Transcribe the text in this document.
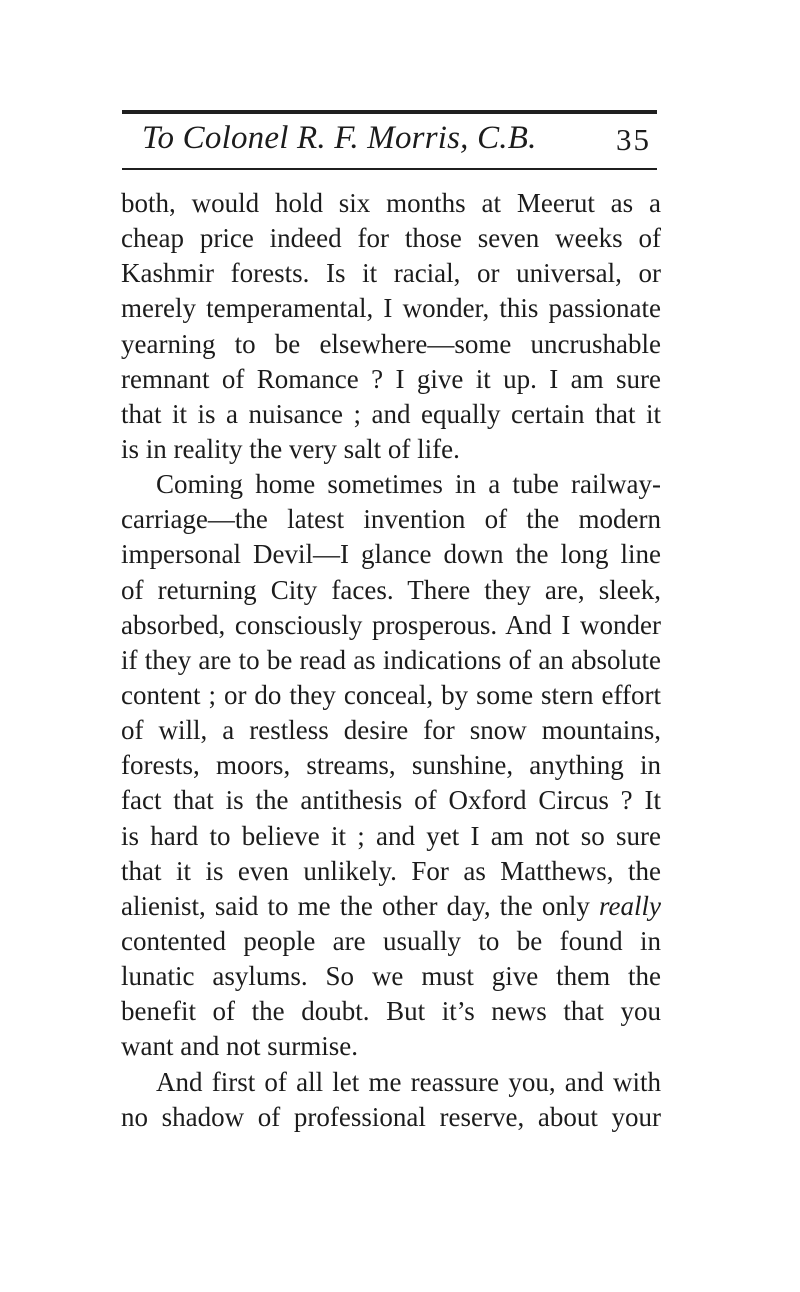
To Colonel R. F. Morris, C.B.	35
both, would hold six months at Meerut as a
cheap price indeed for those seven weeks of
Kashmir forests. Is it racial, or universal, or
merely temperamental, I wonder, this passionate
yearning to be elsewhere—some uncrushable
remnant of Romance ? I give it up. I am sure
that it is a nuisance ; and equally certain that it
is in reality the very salt of life.
Coming home sometimes in a tube railway-
carriage—the latest invention of the modern
impersonal Devil—I glance down the long line
of returning City faces. There they are, sleek,
absorbed, consciously prosperous. And I wonder
if they are to be read as indications of an absolute
content ; or do they conceal, by some stern effort
of will, a restless desire for snow mountains,
forests, moors, streams, sunshine, anything in
fact that is the antithesis of Oxford Circus ? It
is hard to believe it ; and yet I am not so sure
that it is even unlikely. For as Matthews, the
alienist, said to me the other day, the only really
contented people are usually to be found in
lunatic asylums. So we must give them the
benefit of the doubt. But it’s news that you
want and not surmise.
And first of all let me reassure you, and with
no shadow of professional reserve, about your
